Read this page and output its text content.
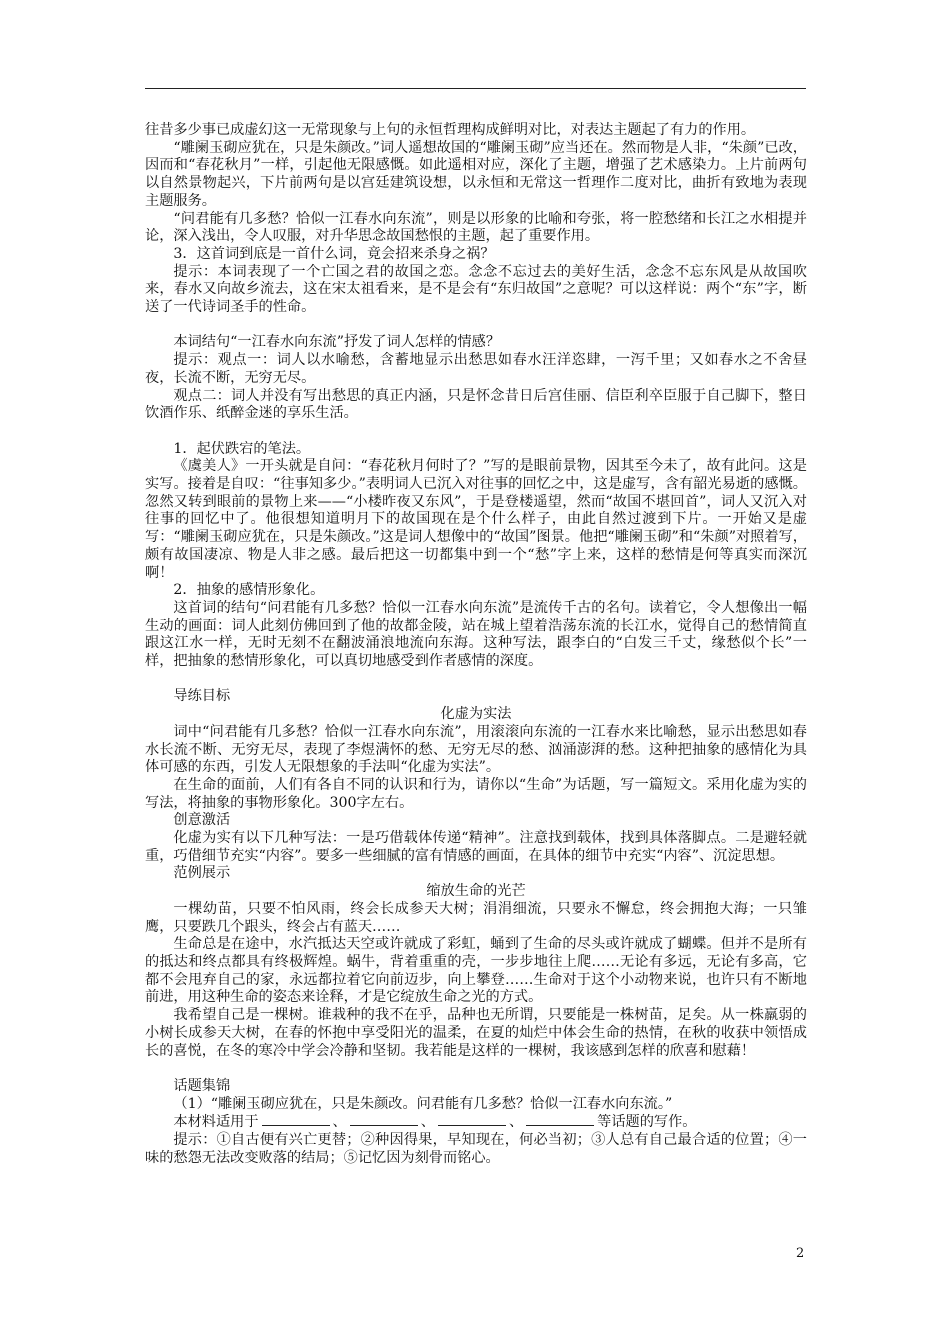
往昔多少事已成虚幻这一无常现象与上句的永恒哲理构成鲜明对比，对表达主题起了有力的作用。

“雕阑玉砌应犹在，只是朱颜改。”词人遥想故国的“雕阑玉砌”应当还在。然而物是人非，“朱颜”已改，因而和“春花秋月”一样，引起他无限感慨。如此遥相对应，深化了主题，增强了艺术感染力。上片前两句以自然景物起兴，下片前两句是以宫廷建筑设想，以永恒和无常这一哲理作二度对比，曲折有致地为表现主题服务。

“问君能有几多愁？恰似一江春水向东流”，则是以形象的比喻和夸张，将一腔愁绪和长江之水相提并论，深入浅出，令人叹服，对升华思念故国愁恨的主题，起了重要作用。

3．这首词到底是一首什么词，竟会招来杀身之祸？

提示：本词表现了一个亡国之君的故国之恋。念念不忘过去的美好生活，念念不忘东风是从故国吹来，春水又向故乡流去，这在宋太祖看来，是不是会有“东归故国”之意呢？可以这样说：两个“东”字，断送了一代诗词圣手的性命。

本词结句“一江春水向东流”抒发了词人怎样的情感？

提示：观点一：词人以水喻愁，含蓄地显示出愁思如春水汪洋恣肆，一泻千里；又如春水之不舍昼夜，长流不断，无穷无尽。

观点二：词人并没有写出愁思的真正内涵，只是怀念昔日后宫佳丽、信臣利卒臣服于自己脚下，整日饮酒作乐、纸醉金迷的享乐生活。

1．起伏跌宕的笔法。

《虞美人》一开头就是自问：“春花秋月何时了？”写的是眼前景物，因其至今未了，故有此问。这是实写。接着是自叹：“往事知多少。”表明词人已沉入对往事的回忆之中，这是虚写，含有韶光易逝的感慨。忽然又转到眼前的景物上来——“小楼昨夜又东风”，于是登楼遥望，然而“故国不堪回首”，词人又沉入对往事的回忆中了。他很想知道明月下的故国现在是个什么样子，由此自然过渡到下片。一开始又是虚写：“雕阑玉砌应犹在，只是朱颜改。”这是词人想像中的“故国”图景。他把“雕阑玉砌”和“朱颜”对照着写，颇有故国凄凉、物是人非之感。最后把这一切都集中到一个“愁”字上来，这样的愁情是何等真实而深沉啊！

2．抽象的感情形象化。

这首词的结句“问君能有几多愁？恰似一江春水向东流”是流传千古的名句。读着它，令人想像出一幅生动的画面：词人此刻仿佛回到了他的故都金陵，站在城上望着浩荡东流的长江水，觉得自己的愁情简直跟这江水一样，无时无刻不在翻波涌浪地流向东海。这种写法，跟李白的“白发三千丈，缘愁似个长”一样，把抽象的愁情形象化，可以真切地感受到作者感情的深度。

导练目标

化虚为实法

词中“问君能有几多愁？恰似一江春水向东流”，用滚滚向东流的一江春水来比喻愁，显示出愁思如春水长流不断、无穷无尽，表现了李煜满怀的愁、无穷无尽的愁、汹涌澎湃的愁。这种把抽象的感情化为具体可感的东西，引发人无限想象的手法叫“化虚为实法”。

在生命的面前，人们有各自不同的认识和行为，请你以“生命”为话题，写一篇短文。采用化虚为实的写法，将抽象的事物形象化。300字左右。

创意激活

化虚为实有以下几种写法：一是巧借载体传递“精神”。注意找到载体，找到具体落脚点。二是避轻就重，巧借细节充实“内容”。要多一些细腻的富有情感的画面，在具体的细节中充实“内容”、沉淀思想。

范例展示

缩放生命的光芒

一棵幼苗，只要不怕风雨，终会长成参天大树；涓涓细流，只要永不懈怠，终会拥抱大海；一只雏鹰，只要跌几个跟头，终会占有蓝天……

生命总是在途中，水汽抵达天空或许就成了彩虹，蛹到了生命的尽头或许就成了蝴蝶。但并不是所有的抵达和终点都具有终极辉煌。蜗牛，背着重重的壳，一步步地往上爬……无论有多远，无论有多高，它都不会甩弃自己的家，永远都拉着它向前迈步，向上攀登……生命对于这个小动物来说，也许只有不断地前进，用这种生命的姿态来诠释，才是它绽放生命之光的方式。

我希望自己是一棵树。谁栽种的我不在乎，品种也无所谓，只要能是一株树苗，足矣。从一株羸弱的小树长成参天大树，在春的怀抱中享受阳光的温柔，在夏的灿烂中体会生命的热情，在秋的收获中领悟成长的喜悦，在冬的寒冷中学会冷静和坚韧。我若能是这样的一棵树，我该感到怎样的欣喜和慰藉！

话题集锦

（1）“雕阑玉砌应犹在，只是朱颜改。问君能有几多愁？恰似一江春水向东流。”

本材料适用于	、	、	、	等话题的写作。

提示：①自古便有兴亡更替；②种因得果，早知现在，何必当初；③人总有自己最合适的位置；④一味的愁怨无法改变败落的结局；⑤记忆因为刻骨而铭心。

2
